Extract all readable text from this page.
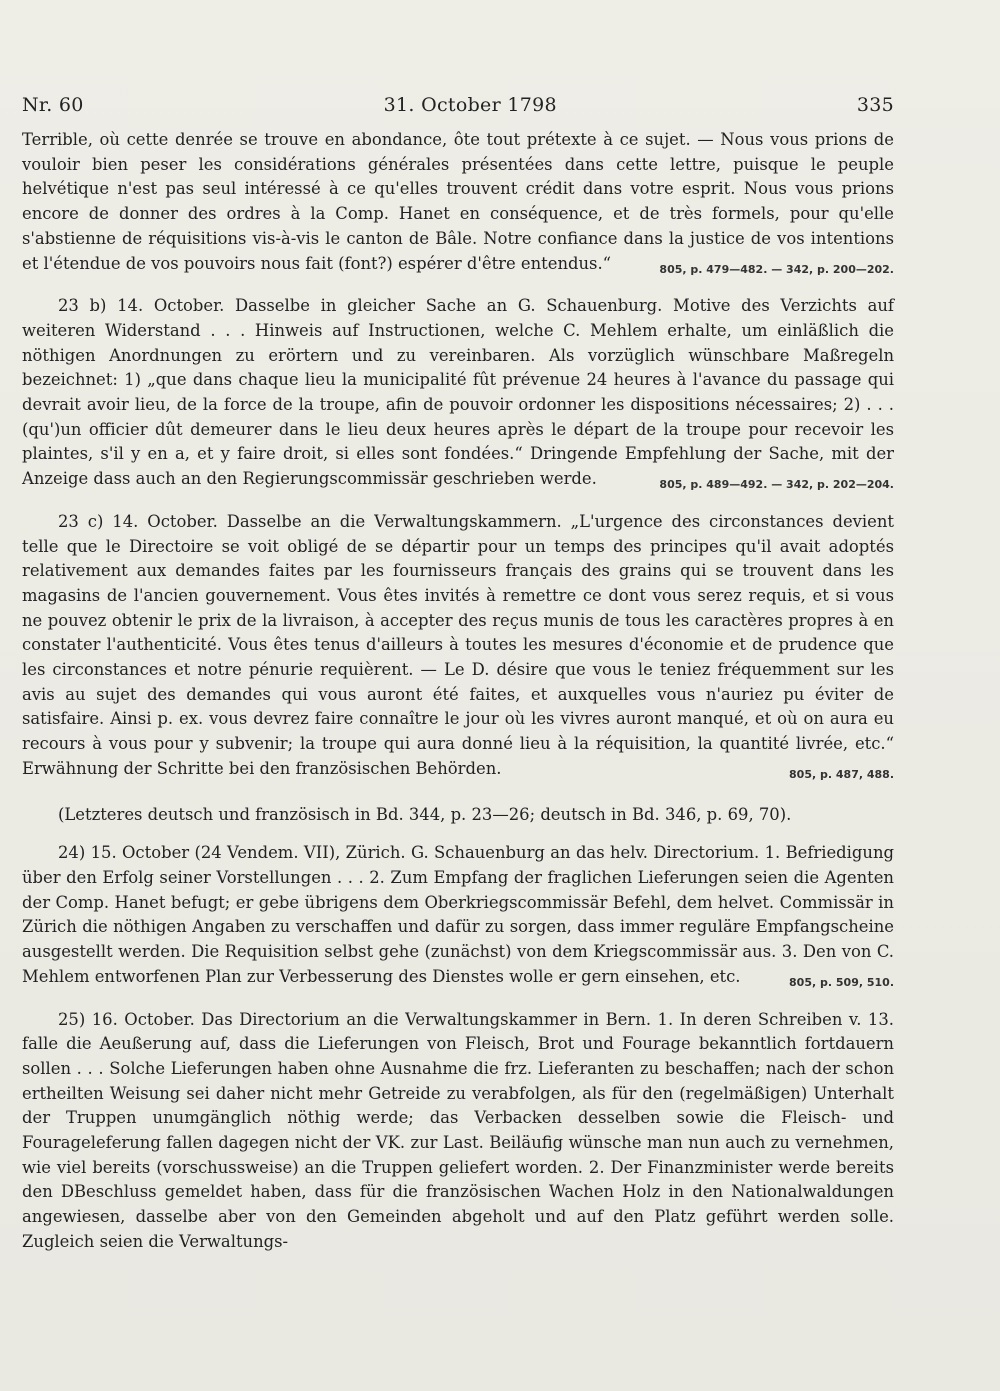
Nr. 60	31. October 1798	335

Terrible, où cette denrée se trouve en abondance, ôte tout prétexte à ce sujet. — Nous vous prions de vouloir bien peser les considérations générales présentées dans cette lettre, puisque le peuple helvétique n'est pas seul intéressé à ce qu'elles trouvent crédit dans votre esprit. Nous vous prions encore de donner des ordres à la Comp. Hanet en conséquence, et de très formels, pour qu'elle s'abstienne de réquisitions vis-à-vis le canton de Bâle. Notre confiance dans la justice de vos intentions et l'étendue de vos pouvoirs nous fait (font?) espérer d'être entendus.“	805, p. 479—482. — 342, p. 200—202.

23 b) 14. October. Dasselbe in gleicher Sache an G. Schauenburg. Motive des Verzichts auf weiteren Widerstand . . . Hinweis auf Instructionen, welche C. Mehlem erhalte, um einläßlich die nöthigen Anordnungen zu erörtern und zu vereinbaren. Als vorzüglich wünschbare Maßregeln bezeichnet: 1) „que dans chaque lieu la municipalité fût prévenue 24 heures à l'avance du passage qui devrait avoir lieu, de la force de la troupe, afin de pouvoir ordonner les dispositions nécessaires; 2) . . . (qu')un officier dût demeurer dans le lieu deux heures après le départ de la troupe pour recevoir les plaintes, s'il y en a, et y faire droit, si elles sont fondées.“ Dringende Empfehlung der Sache, mit der Anzeige dass auch an den Regierungscommissär geschrieben werde.	805, p. 489—492. — 342, p. 202—204.

23 c) 14. October. Dasselbe an die Verwaltungskammern. „L'urgence des circonstances devient telle que le Directoire se voit obligé de se départir pour un temps des principes qu'il avait adoptés relativement aux demandes faites par les fournisseurs français des grains qui se trouvent dans les magasins de l'ancien gouvernement. Vous êtes invités à remettre ce dont vous serez requis, et si vous ne pouvez obtenir le prix de la livraison, à accepter des reçus munis de tous les caractères propres à en constater l'authenticité. Vous êtes tenus d'ailleurs à toutes les mesures d'économie et de prudence que les circonstances et notre pénurie requièrent. — Le D. désire que vous le teniez fréquemment sur les avis au sujet des demandes qui vous auront été faites, et auxquelles vous n'auriez pu éviter de satisfaire. Ainsi p. ex. vous devrez faire connaître le jour où les vivres auront manqué, et où on aura eu recours à vous pour y subvenir; la troupe qui aura donné lieu à la réquisition, la quantité livrée, etc.“ Erwähnung der Schritte bei den französischen Behörden.	805, p. 487, 488.

(Letzteres deutsch und französisch in Bd. 344, p. 23—26; deutsch in Bd. 346, p. 69, 70).

24) 15. October (24 Vendem. VII), Zürich. G. Schauenburg an das helv. Directorium. 1. Befriedigung über den Erfolg seiner Vorstellungen . . . 2. Zum Empfang der fraglichen Lieferungen seien die Agenten der Comp. Hanet befugt; er gebe übrigens dem Oberkriegscommissär Befehl, dem helvet. Commissär in Zürich die nöthigen Angaben zu verschaffen und dafür zu sorgen, dass immer reguläre Empfangscheine ausgestellt werden. Die Requisition selbst gehe (zunächst) von dem Kriegscommissär aus. 3. Den von C. Mehlem entworfenen Plan zur Verbesserung des Dienstes wolle er gern einsehen, etc.	805, p. 509, 510.

25) 16. October. Das Directorium an die Verwaltungskammer in Bern. 1. In deren Schreiben v. 13. falle die Aeußerung auf, dass die Lieferungen von Fleisch, Brot und Fourage bekanntlich fortdauern sollen . . . Solche Lieferungen haben ohne Ausnahme die frz. Lieferanten zu beschaffen; nach der schon ertheilten Weisung sei daher nicht mehr Getreide zu verabfolgen, als für den (regelmäßigen) Unterhalt der Truppen unumgänglich nöthig werde; das Verbacken desselben sowie die Fleisch- und Fourageleferung fallen dagegen nicht der VK. zur Last. Beiläufig wünsche man nun auch zu vernehmen, wie viel bereits (vorschussweise) an die Truppen geliefert worden. 2. Der Finanzminister werde bereits den DBeschluss gemeldet haben, dass für die französischen Wachen Holz in den Nationalwaldungen angewiesen, dasselbe aber von den Gemeinden abgeholt und auf den Platz geführt werden solle. Zugleich seien die Verwaltungs-
